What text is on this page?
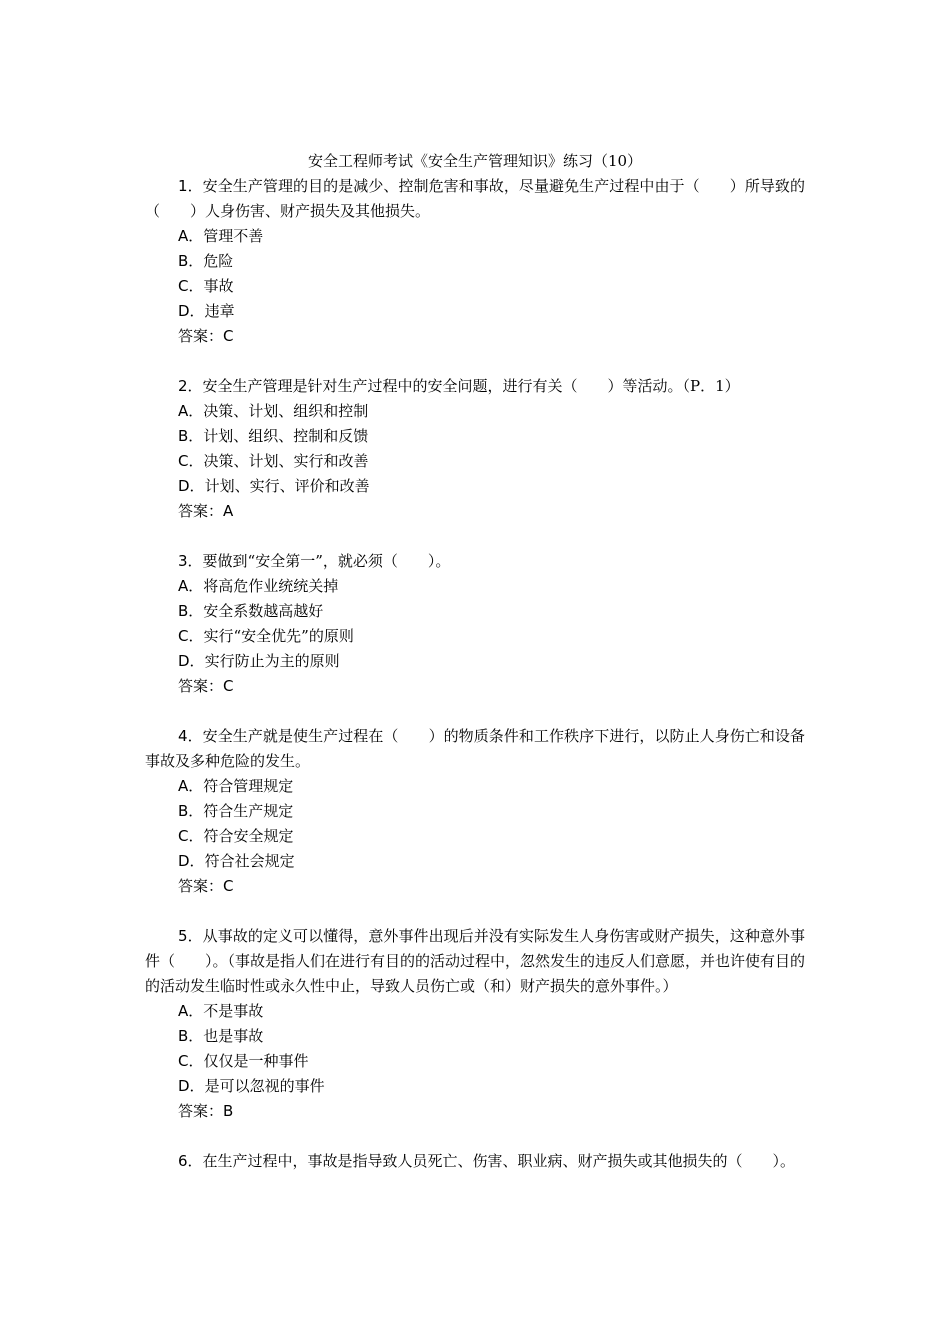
安全工程师考试《安全生产管理知识》练习（10）

1．安全生产管理的目的是减少、控制危害和事故，尽量避免生产过程中由于（　　）所导致的（　　）人身伤害、财产损失及其他损失。

A．管理不善

B．危险

C．事故

D．违章

答案：C

2．安全生产管理是针对生产过程中的安全问题，进行有关（　　）等活动。（P．1）

A．决策、计划、组织和控制

B．计划、组织、控制和反馈

C．决策、计划、实行和改善

D．计划、实行、评价和改善

答案：A

3．要做到“安全第一”，就必须（　　）。

A．将高危作业统统关掉

B．安全系数越高越好

C．实行“安全优先”的原则

D．实行防止为主的原则

答案：C

4．安全生产就是使生产过程在（　　）的物质条件和工作秩序下进行，以防止人身伤亡和设备事故及多种危险的发生。

A．符合管理规定

B．符合生产规定

C．符合安全规定

D．符合社会规定

答案：C

5．从事故的定义可以懂得，意外事件出现后并没有实际发生人身伤害或财产损失，这种意外事件（　　）。（事故是指人们在进行有目的的活动过程中，忽然发生的违反人们意愿，并也许使有目的的活动发生临时性或永久性中止，导致人员伤亡或（和）财产损失的意外事件。）

A．不是事故

B．也是事故

C．仅仅是一种事件

D．是可以忽视的事件

答案：B

6．在生产过程中，事故是指导致人员死亡、伤害、职业病、财产损失或其他损失的（　　）。
